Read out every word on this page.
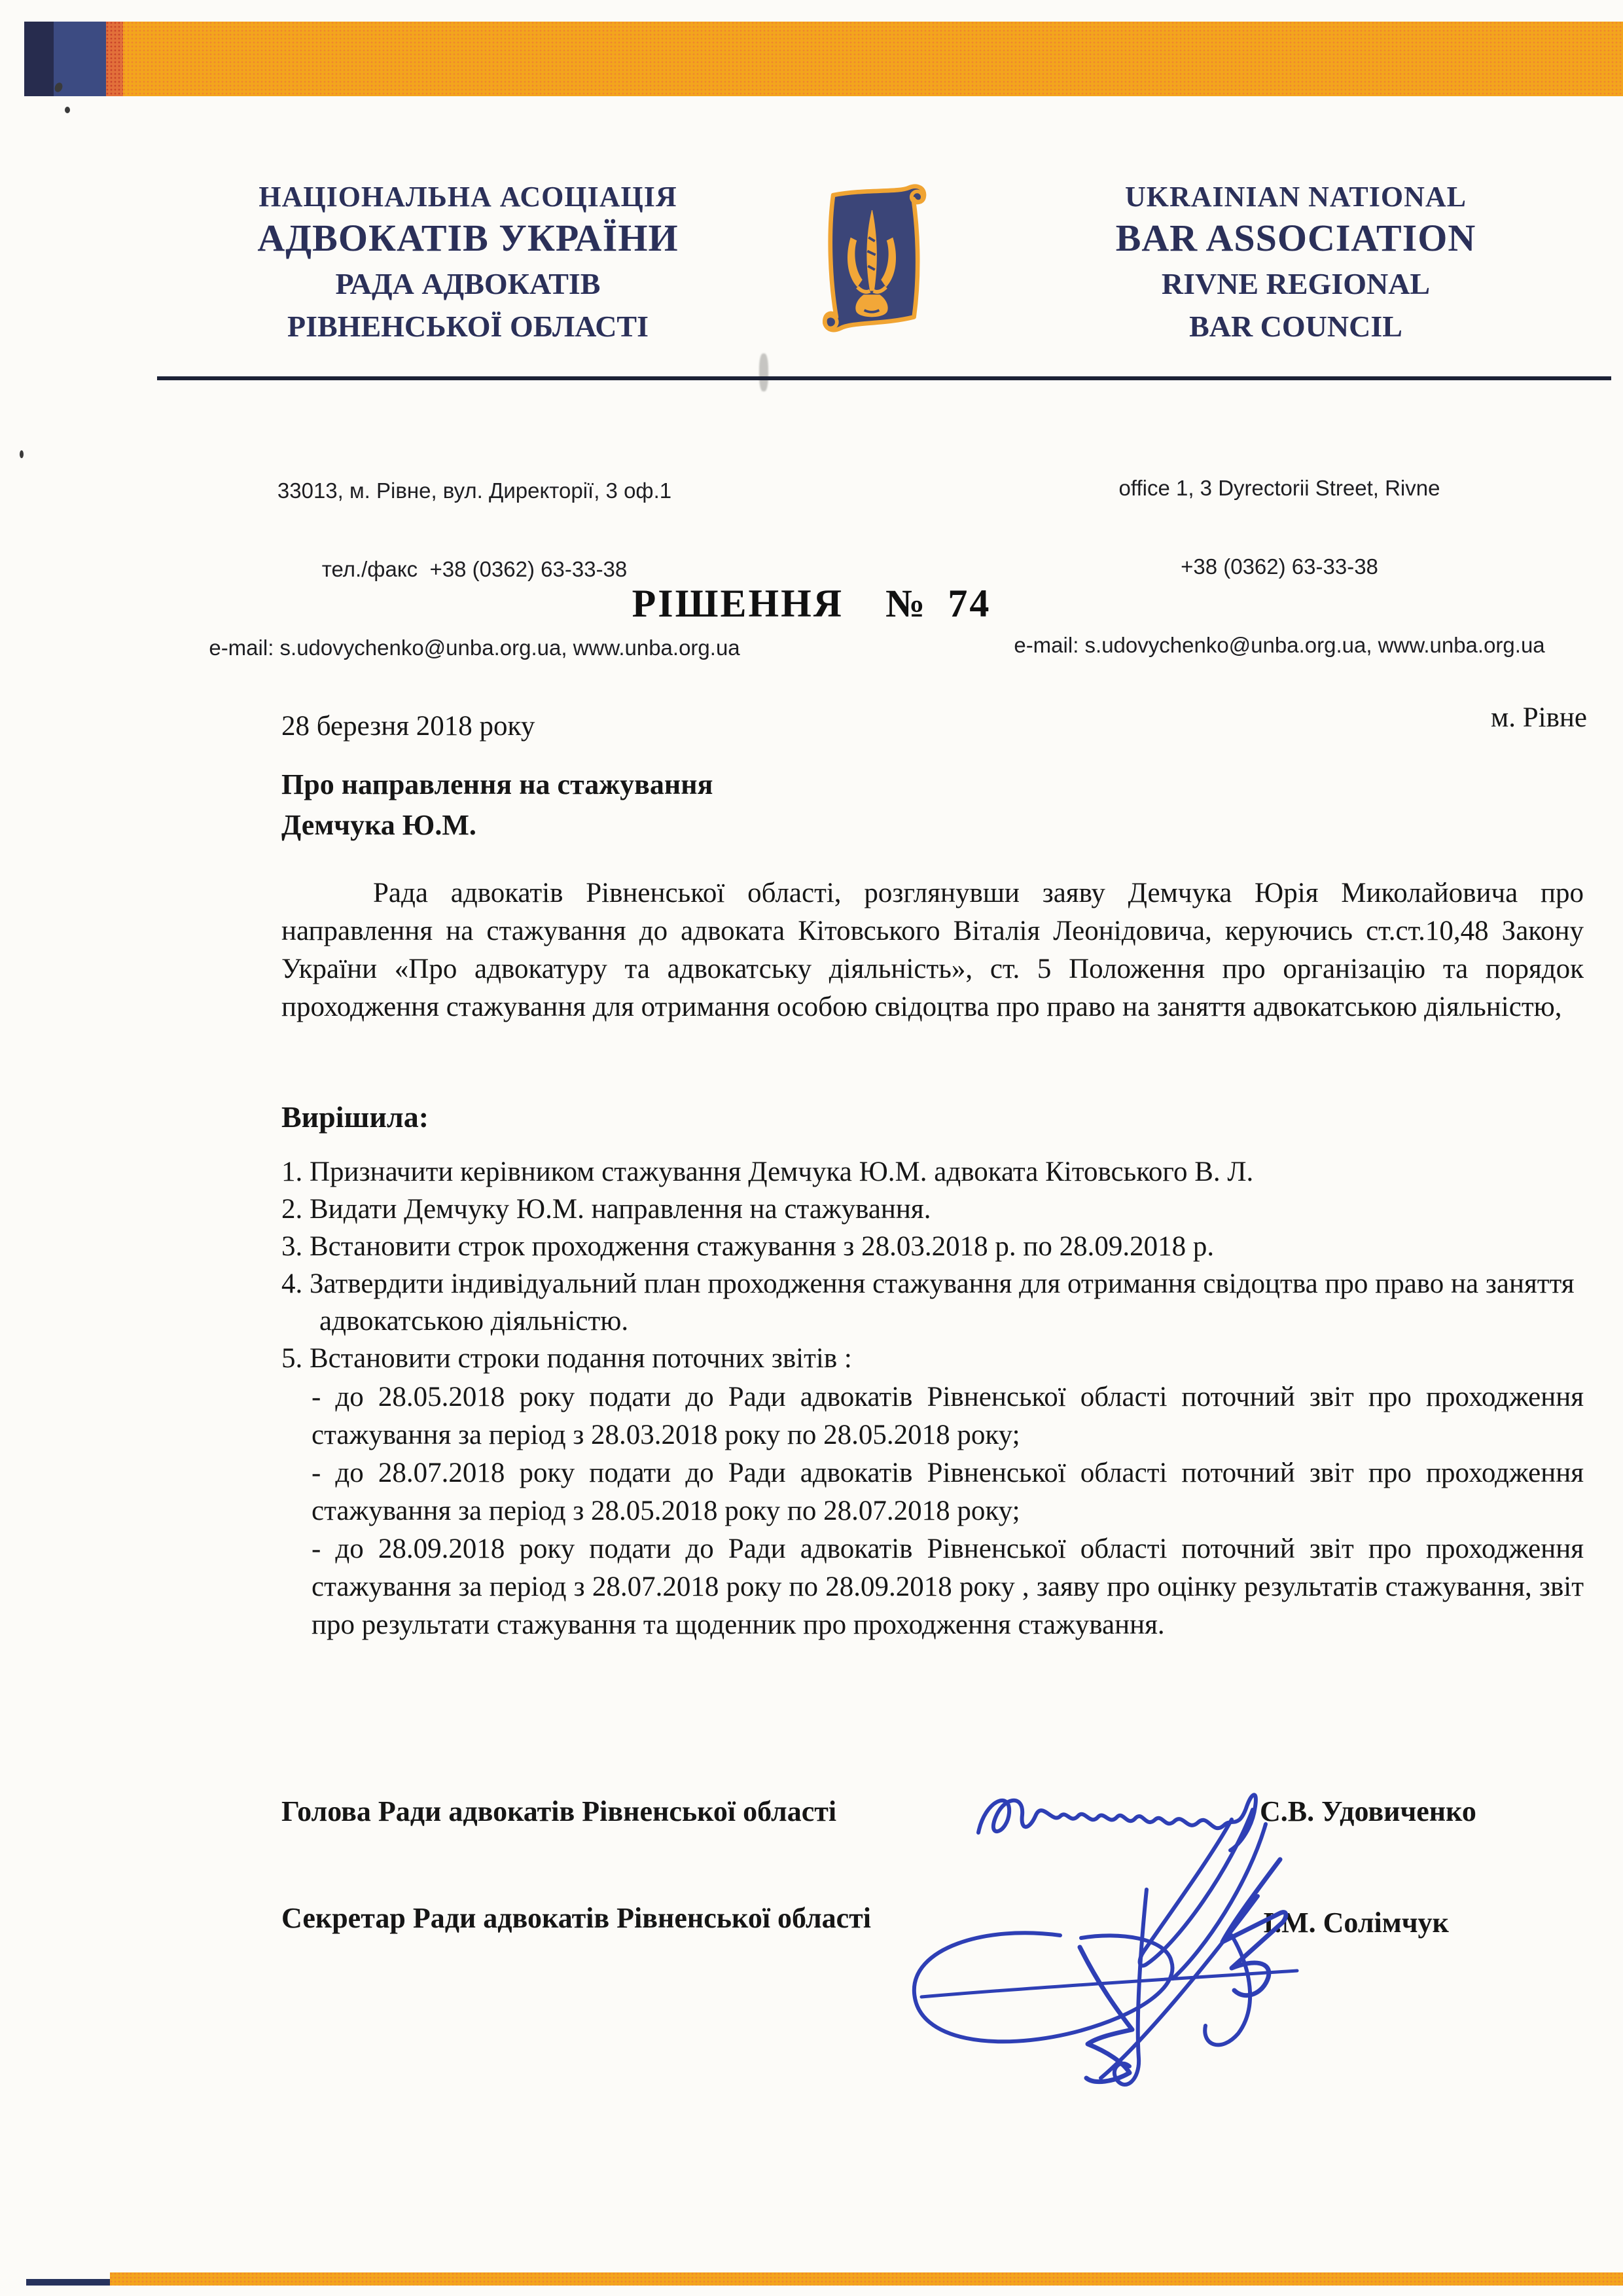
НАЦІОНАЛЬНА АСОЦІАЦІЯ
АДВОКАТІВ УКРАЇНИ
РАДА АДВОКАТІВ
РІВНЕНСЬКОЇ ОБЛАСТІ
UKRAINIAN NATIONAL
BAR ASSOCIATION
RIVNE REGIONAL
BAR COUNCIL

33013, м. Рівне, вул. Директорії, 3 оф.1

тел./факс  +38 (0362) 63-33-38

e-mail: s.udovychenko@unba.org.ua, www.unba.org.ua

office 1, 3 Dyrectorii Street, Rivne

+38 (0362) 63-33-38

e-mail: s.udovychenko@unba.org.ua, www.unba.org.ua

РІШЕННЯ  № 74
28 березня 2018 року	м. Рівне
Про направлення на стажування
Демчука Ю.М.
Рада адвокатів Рівненської області, розглянувши заяву Демчука Юрія Миколайовича про направлення на стажування до адвоката Кітовського Віталія Леонідовича, керуючись ст.ст.10,48 Закону України «Про адвокатуру та адвокатську діяльність», ст. 5 Положення про організацію та порядок проходження стажування для отримання особою свідоцтва про право на заняття адвокатською діяльністю,
Вирішила:
1. Призначити керівником стажування Демчука Ю.М. адвоката Кітовського В. Л.
2. Видати Демчуку Ю.М. направлення на стажування.
3. Встановити строк проходження стажування з 28.03.2018 р. по 28.09.2018 р.
4. Затвердити індивідуальний план проходження стажування для отримання свідоцтва про право на заняття адвокатською діяльністю.
5. Встановити строки подання поточних звітів :
- до 28.05.2018 року подати до Ради адвокатів Рівненської області поточний звіт про проходження стажування за період з 28.03.2018 року по 28.05.2018 року;
- до 28.07.2018 року подати до Ради адвокатів Рівненської області поточний звіт про проходження стажування за період з 28.05.2018 року по 28.07.2018 року;
- до 28.09.2018 року подати до Ради адвокатів Рівненської області поточний звіт про проходження стажування за період з 28.07.2018 року по 28.09.2018 року , заяву про оцінку результатів стажування, звіт про результати стажування та щоденник про проходження стажування.
Голова Ради адвокатів Рівненської області	С.В. Удовиченко
Секретар Ради адвокатів Рівненської області	І.М. Солімчук
